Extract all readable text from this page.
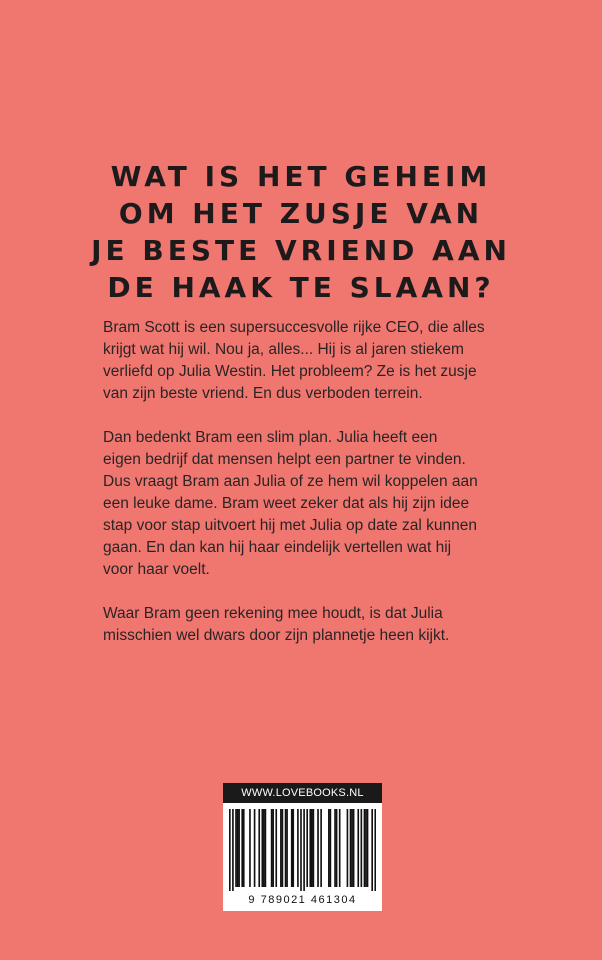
WAT IS HET GEHEIM
OM HET ZUSJE VAN
JE BESTE VRIEND AAN
DE HAAK TE SLAAN?

Bram Scott is een supersuccesvolle rijke CEO, die alles
krijgt wat hij wil. Nou ja, alles... Hij is al jaren stiekem
verliefd op Julia Westin. Het probleem? Ze is het zusje
van zijn beste vriend. En dus verboden terrein.

Dan bedenkt Bram een slim plan. Julia heeft een
eigen bedrijf dat mensen helpt een partner te vinden.
Dus vraagt Bram aan Julia of ze hem wil koppelen aan
een leuke dame. Bram weet zeker dat als hij zijn idee
stap voor stap uitvoert hij met Julia op date zal kunnen
gaan. En dan kan hij haar eindelijk vertellen wat hij
voor haar voelt.

Waar Bram geen rekening mee houdt, is dat Julia
misschien wel dwars door zijn plannetje heen kijkt.

WWW.LOVEBOOKS.NL
9 789021 461304
